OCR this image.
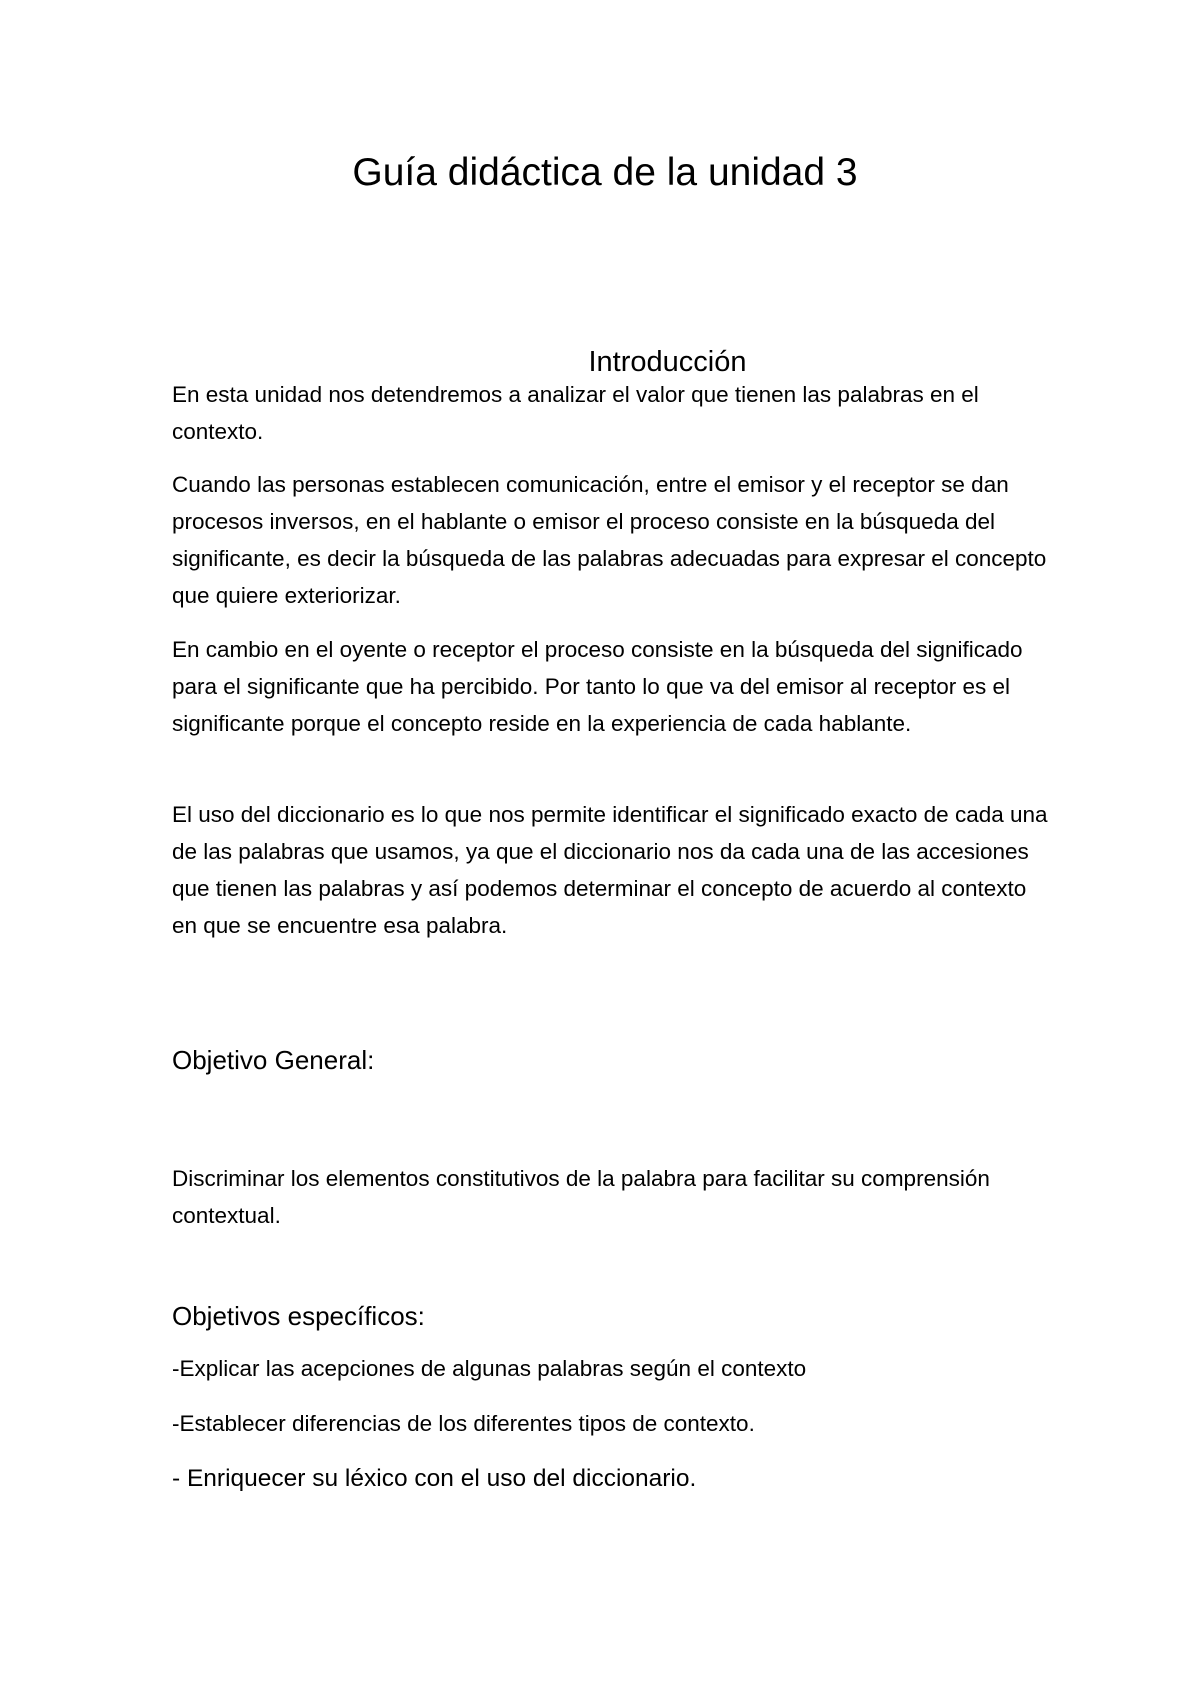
Guía didáctica de la unidad 3
Introducción

En esta unidad nos detendremos a analizar el valor que tienen las palabras en el contexto.

Cuando las personas establecen comunicación, entre el emisor y el receptor se dan procesos inversos, en el hablante o emisor el proceso consiste en la búsqueda del significante, es decir la búsqueda de las palabras adecuadas para expresar el concepto que quiere exteriorizar.

En cambio en el oyente o receptor el proceso consiste en la búsqueda del significado para el significante que ha percibido. Por tanto lo que va del emisor al receptor es el significante porque el concepto reside en la experiencia de cada hablante.

El uso del diccionario es lo que nos permite identificar el significado exacto de cada una de las palabras que usamos, ya que el diccionario nos da cada una de las accesiones que tienen las palabras y así podemos determinar el concepto de acuerdo al contexto en que se encuentre esa palabra.

Objetivo General:

Discriminar los elementos constitutivos de la palabra para facilitar su comprensión contextual.

Objetivos específicos:

-Explicar las acepciones de algunas palabras según el contexto

-Establecer diferencias de los diferentes tipos de contexto.

- Enriquecer su léxico con el uso del diccionario.
